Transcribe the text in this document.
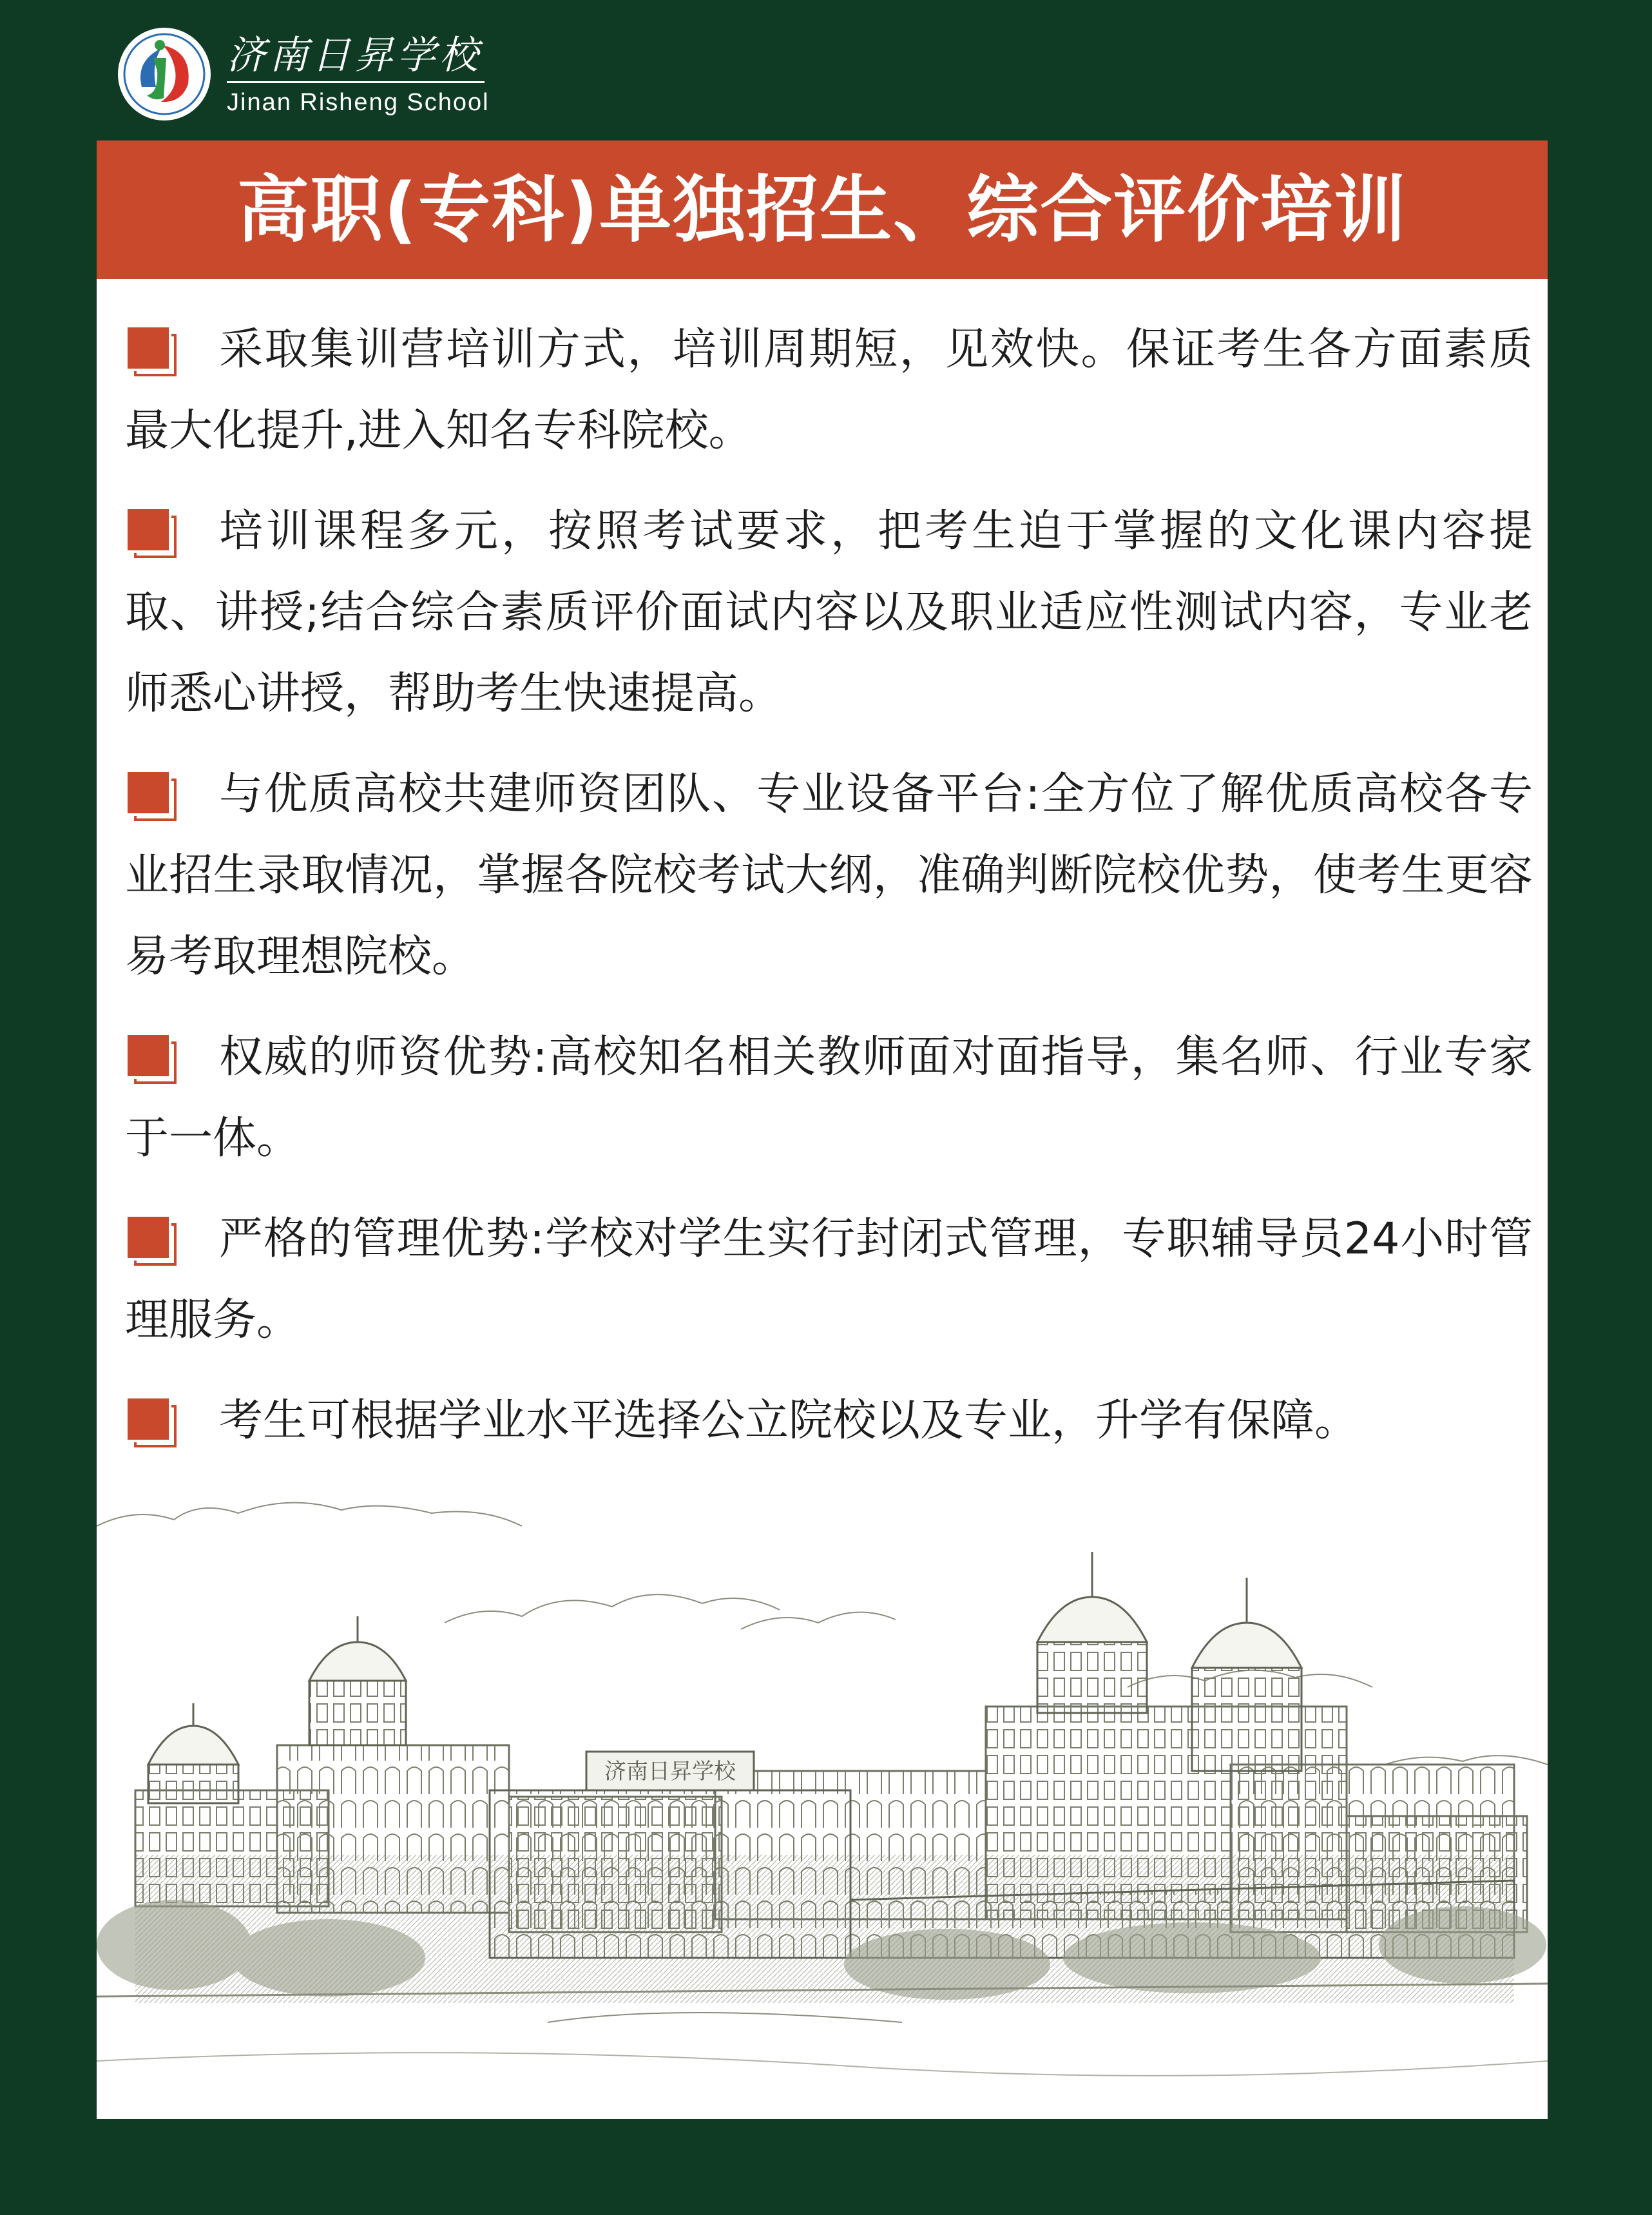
济南日昇学校
Jinan Risheng School
高职(专科)单独招生、综合评价培训
采取集训营培训方式，培训周期短，见效快。保证考生各方面素质最大化提升,进入知名专科院校。
培训课程多元，按照考试要求，把考生迫于掌握的文化课内容提取、讲授;结合综合素质评价面试内容以及职业适应性测试内容，专业老师悉心讲授，帮助考生快速提高。
与优质高校共建师资团队、专业设备平台:全方位了解优质高校各专业招生录取情况，掌握各院校考试大纲，准确判断院校优势，使考生更容易考取理想院校。
权威的师资优势:高校知名相关教师面对面指导，集名师、行业专家于一体。
严格的管理优势:学校对学生实行封闭式管理，专职辅导员24小时管理服务。
考生可根据学业水平选择公立院校以及专业，升学有保障。
济南日昇学校
